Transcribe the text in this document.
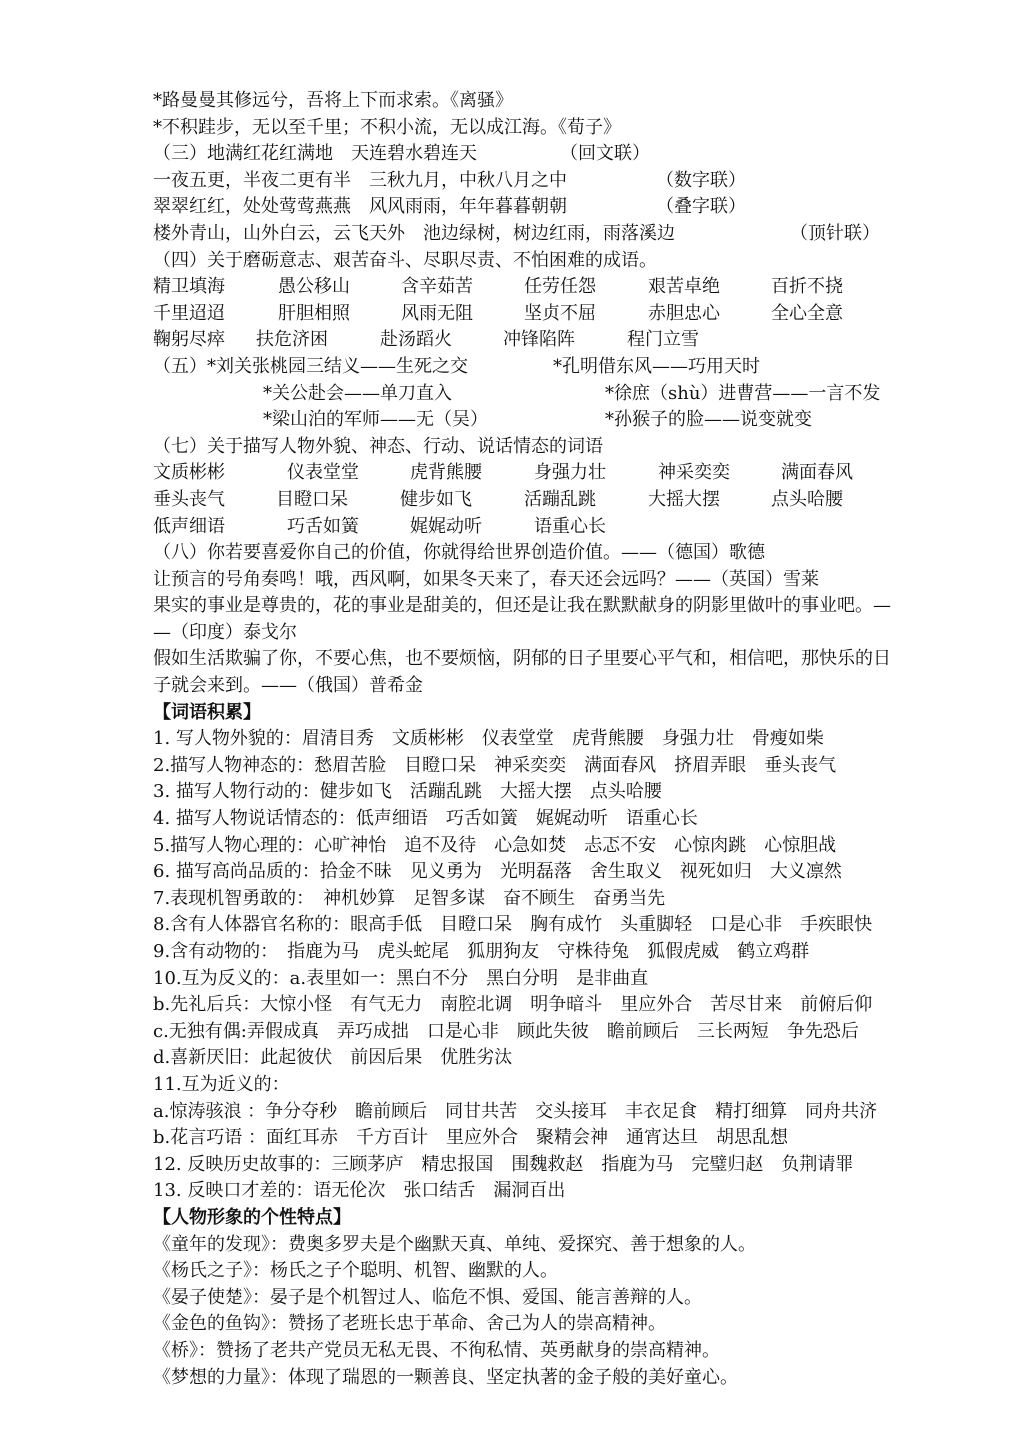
*路曼曼其修远兮，吾将上下而求索。《离骚》
*不积跬步，无以至千里；不积小流，无以成江海。《荀子》
（三）地满红花红满地　天连碧水碧连天	（回文联）
一夜五更，半夜二更有半　三秋九月，中秋八月之中	（数字联）
翠翠红红，处处莺莺燕燕　风风雨雨，年年暮暮朝朝	（叠字联）
楼外青山，山外白云，云飞天外　池边绿树，树边红雨，雨落溪边	（顶针联）
（四）关于磨砺意志、艰苦奋斗、尽职尽责、不怕困难的成语。
精卫填海	愚公移山	含辛茹苦	任劳任怨	艰苦卓绝	百折不挠
千里迢迢	肝胆相照	风雨无阻	坚贞不屈	赤胆忠心	全心全意
鞠躬尽瘁 扶危济困	赴汤蹈火	冲锋陷阵	程门立雪
（五）*刘关张桃园三结义——生死之交	*孔明借东风——巧用天时
*关公赴会——单刀直入	*徐庶（shù）进曹营——一言不发
*梁山泊的军师——无（吴）	*孙猴子的脸——说变就变
（七）关于描写人物外貌、神态、行动、说话情态的词语
文质彬彬	仪表堂堂	虎背熊腰	身强力壮	神采奕奕	满面春风
垂头丧气	目瞪口呆	健步如飞	活蹦乱跳	大摇大摆	点头哈腰
低声细语	巧舌如簧	娓娓动听	语重心长
（八）你若要喜爱你自己的价值，你就得给世界创造价值。——（德国）歌德
让预言的号角奏鸣！哦，西风啊，如果冬天来了，春天还会远吗？——（英国）雪莱
果实的事业是尊贵的，花的事业是甜美的，但还是让我在默默献身的阴影里做叶的事业吧。—
—（印度）泰戈尔
假如生活欺骗了你，不要心焦，也不要烦恼，阴郁的日子里要心平气和，相信吧，那快乐的日
子就会来到。——（俄国）普希金
【词语积累】
1. 写人物外貌的：眉清目秀　文质彬彬　仪表堂堂　虎背熊腰　身强力壮　骨瘦如柴
2.描写人物神态的：愁眉苦脸　目瞪口呆　神采奕奕　满面春风　挤眉弄眼　垂头丧气
3. 描写人物行动的：健步如飞　活蹦乱跳　大摇大摆　点头哈腰
4. 描写人物说话情态的：低声细语　巧舌如簧　娓娓动听　语重心长
5.描写人物心理的：心旷神怡　追不及待　心急如焚　忐忑不安　心惊肉跳　心惊胆战
6. 描写高尚品质的：拾金不昧　见义勇为　光明磊落　舍生取义　视死如归　大义凛然
7.表现机智勇敢的：　神机妙算　足智多谋　奋不顾生　奋勇当先
8.含有人体器官名称的：眼高手低　目瞪口呆　胸有成竹　头重脚轻　口是心非　手疾眼快
9.含有动物的：　指鹿为马　虎头蛇尾　狐朋狗友　守株待兔　狐假虎威　鹤立鸡群
10.互为反义的：a.表里如一：黑白不分　黑白分明　是非曲直
b.先礼后兵：大惊小怪　有气无力　南腔北调　明争暗斗　里应外合　苦尽甘来　前俯后仰
c.无独有偶:弄假成真　弄巧成拙　口是心非　顾此失彼　瞻前顾后　三长两短　争先恐后
d.喜新厌旧：此起彼伏　前因后果　优胜劣汰
11.互为近义的：
a.惊涛骇浪 ：争分夺秒　瞻前顾后　同甘共苦　交头接耳　丰衣足食　精打细算　同舟共济
b.花言巧语 ：面红耳赤　千方百计　里应外合　聚精会神　通宵达旦　胡思乱想
12. 反映历史故事的：三顾茅庐　精忠报国　围魏救赵　指鹿为马　完璧归赵　负荆请罪
13. 反映口才差的：语无伦次　张口结舌　漏洞百出
【人物形象的个性特点】
《童年的发现》：费奥多罗夫是个幽默天真、单纯、爱探究、善于想象的人。
《杨氏之子》：杨氏之子个聪明、机智、幽默的人。
《晏子使楚》：晏子是个机智过人、临危不惧、爱国、能言善辩的人。
《金色的鱼钩》：赞扬了老班长忠于革命、舍己为人的崇高精神。
《桥》：赞扬了老共产党员无私无畏、不徇私情、英勇献身的崇高精神。
《梦想的力量》：体现了瑞恩的一颗善良、坚定执著的金子般的美好童心。
